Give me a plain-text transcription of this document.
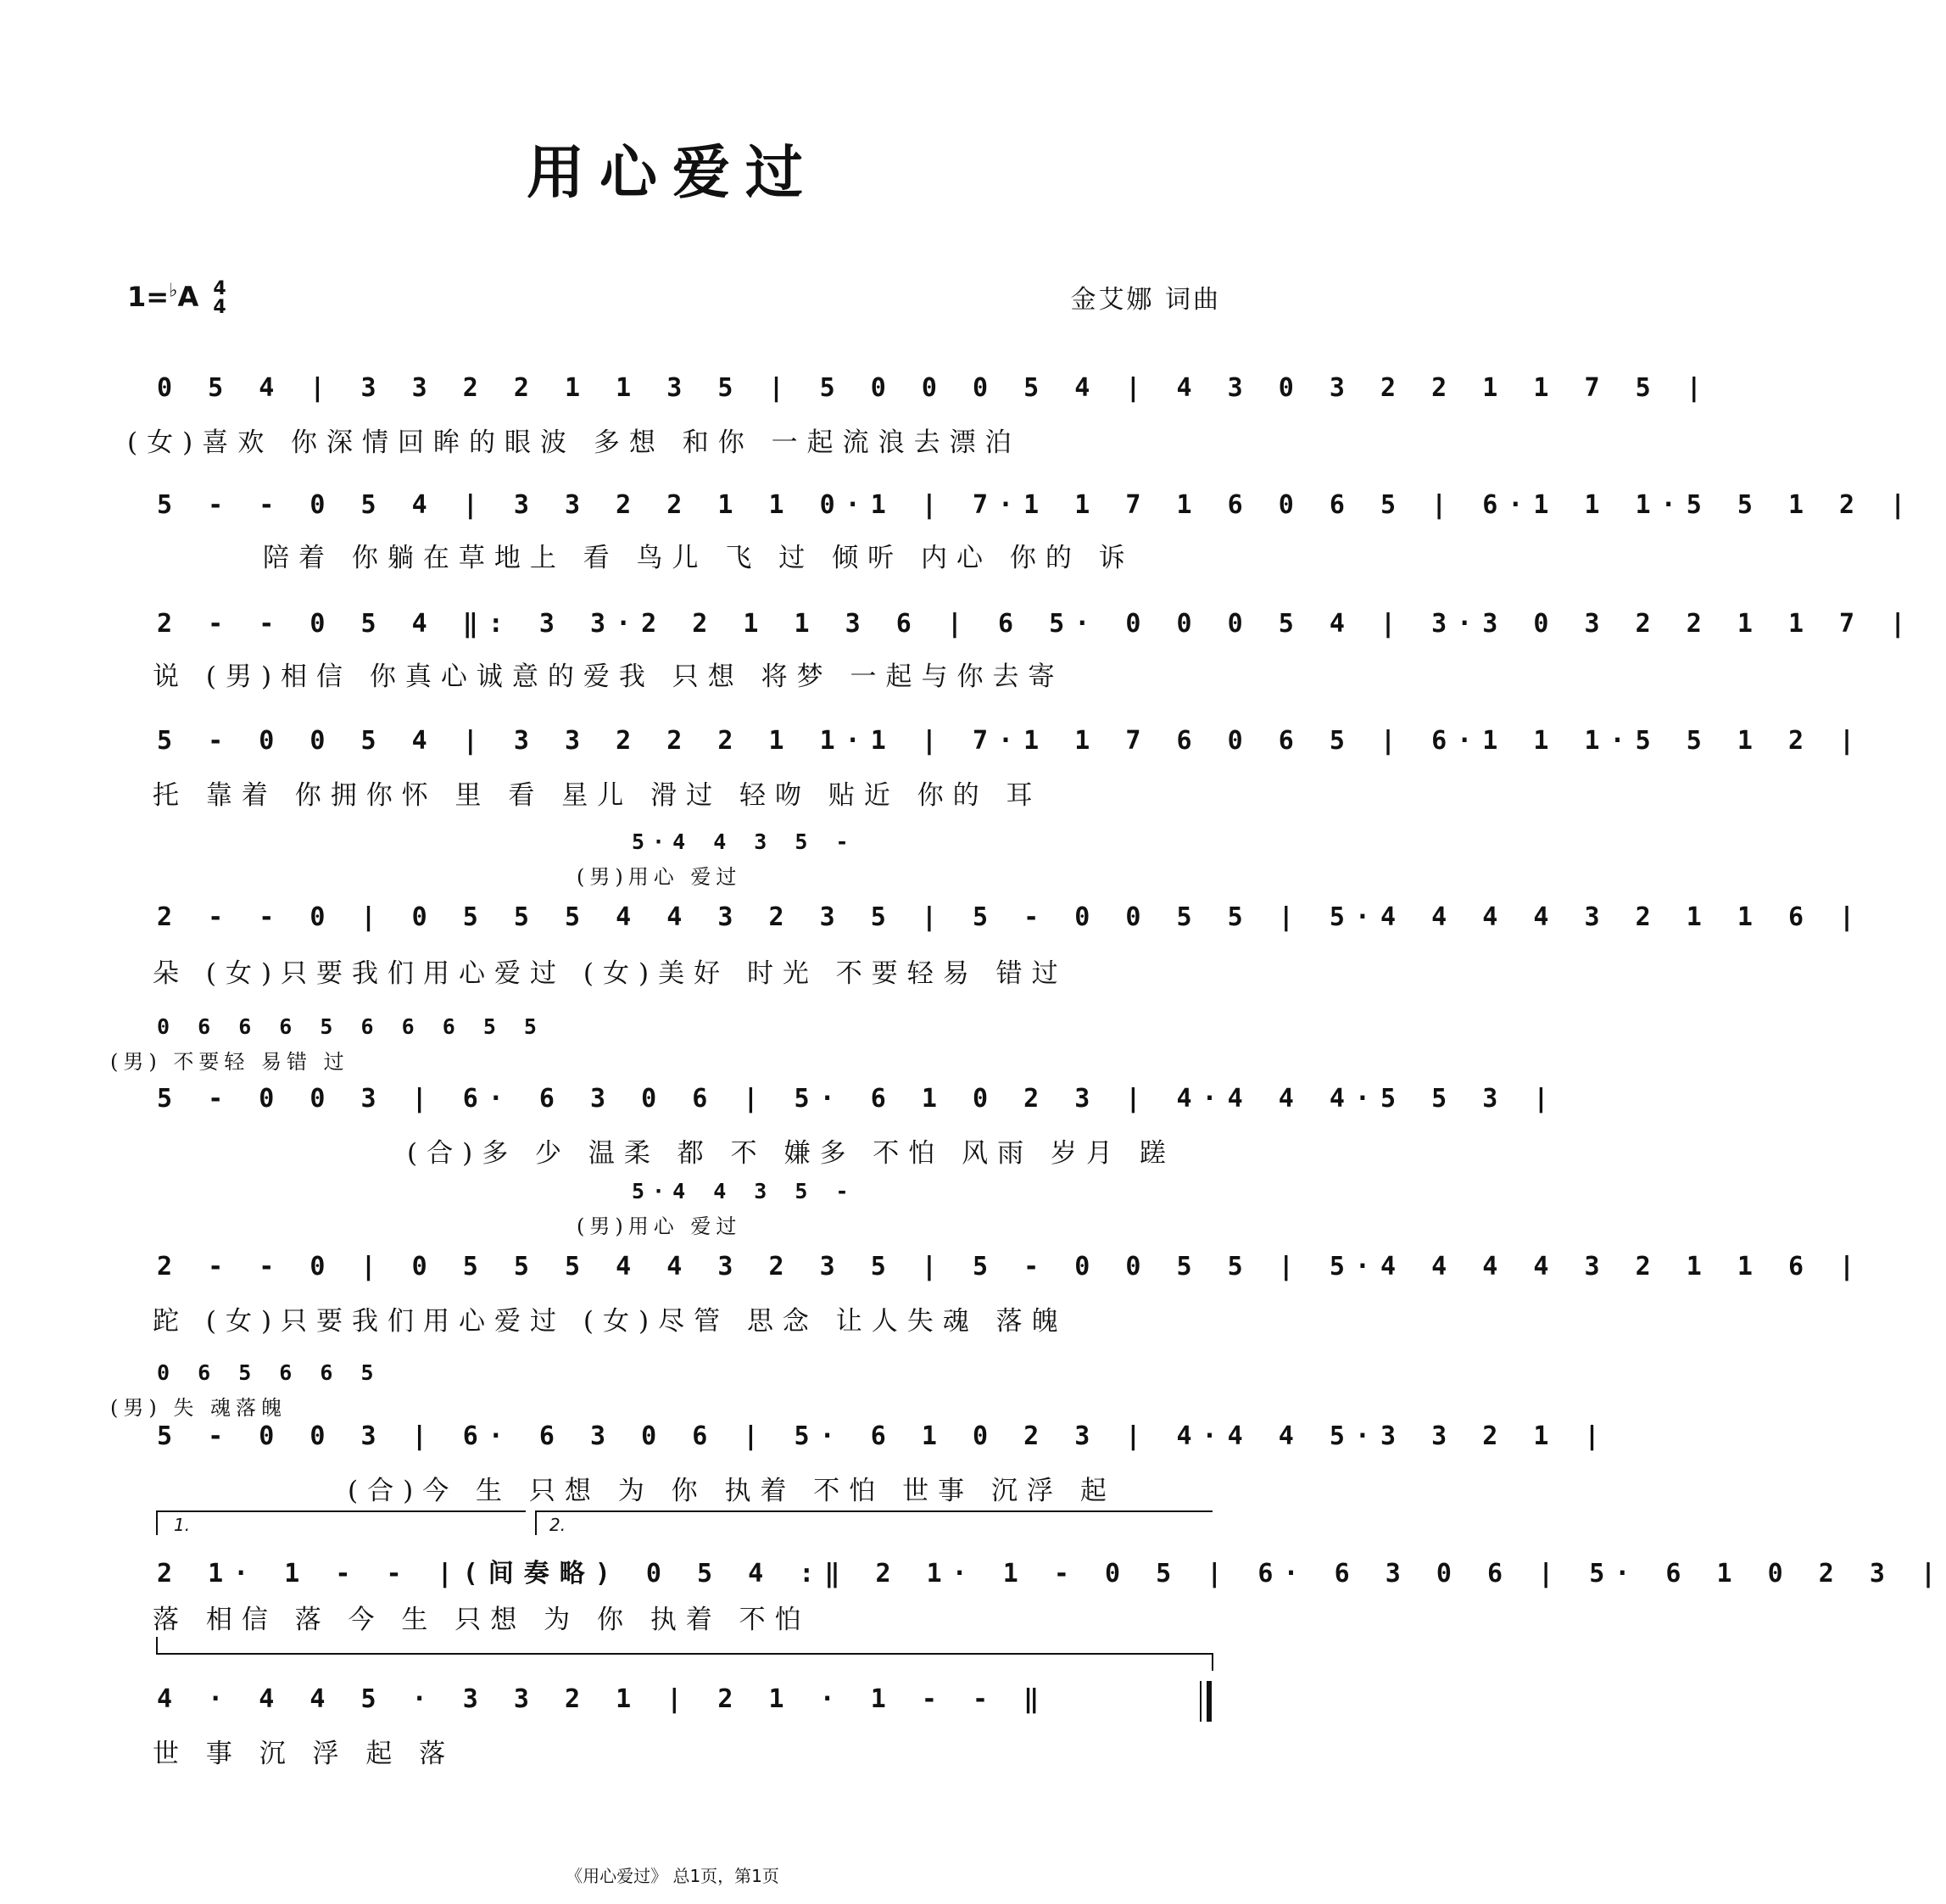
用心爱过
1=♭A 4
4	金艾娜 词曲
0 5 4 | 3 3 2 2 1 1 3 5 | 5 0 0 0 5 4 | 4 3 0 3 2 2 1 1 7 5 |
(女)喜欢 你深情回眸的眼波 多想 和你 一起流浪去漂泊
5 - - 0 5 4 | 3 3 2 2 1 1 0·1 | 7·1 1 7 1 6 0 6 5 | 6·1 1 1·5 5 1 2 |
陪着 你躺在草地上 看 鸟儿 飞 过 倾听 内心 你的 诉
2 - - 0 5 4 ‖: 3 3·2 2 1 1 3 6 | 6 5· 0 0 0 5 4 | 3·3 0 3 2 2 1 1 7 |
说 (男)相信 你真心诚意的爱我 只想 将梦 一起与你去寄
5 - 0 0 5 4 | 3 3 2 2 2 1 1·1 | 7·1 1 7 6 0 6 5 | 6·1 1 1·5 5 1 2 |
托 靠着 你拥你怀 里 看 星儿 滑过 轻吻 贴近 你的 耳
5·4 4 3 5 -
(男)用心 爱过
2 - - 0 | 0 5 5 5 4 4 3 2 3 5 | 5 - 0 0 5 5 | 5·4 4 4 4 3 2 1 1 6 |
朵 (女)只要我们用心爱过 (女)美好 时光 不要轻易 错过
0 6 6 6 5 6 6 6 5 5
(男) 不要轻 易错 过
5 - 0 0 3 | 6· 6 3 0 6 | 5· 6 1 0 2 3 | 4·4 4 4·5 5 3 |
(合)多 少 温柔 都 不 嫌多 不怕 风雨 岁月 蹉
5·4 4 3 5 -
(男)用心 爱过
2 - - 0 | 0 5 5 5 4 4 3 2 3 5 | 5 - 0 0 5 5 | 5·4 4 4 4 3 2 1 1 6 |
跎 (女)只要我们用心爱过 (女)尽管 思念 让人失魂 落魄
0 6 5 6 6 5
(男) 失 魂落魄
5 - 0 0 3 | 6· 6 3 0 6 | 5· 6 1 0 2 3 | 4·4 4 5·3 3 2 1 |
(合)今 生 只想 为 你 执着 不怕 世事 沉浮 起
1.	2.
2 1· 1 - - |(间奏略) 0 5 4 :‖ 2 1· 1 - 0 5 | 6· 6 3 0 6 | 5· 6 1 0 2 3 |
落 相信 落 今 生 只想 为 你 执着 不怕
4 · 4 4 5 · 3 3 2 1 | 2 1 · 1 - - ‖
世 事 沉 浮 起 落
《用心爱过》 总1页，第1页
